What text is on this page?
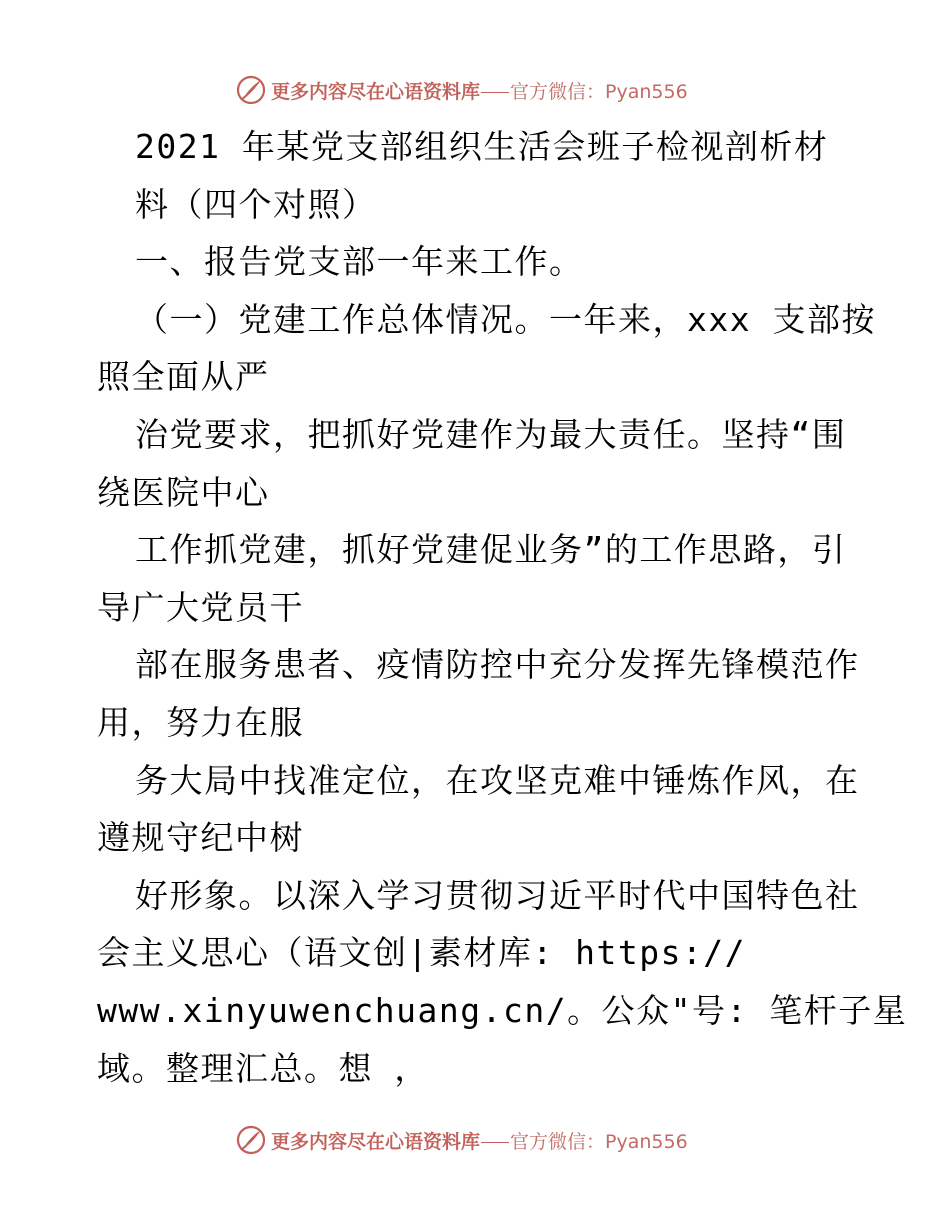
更多内容尽在心语资料库 官方微信：Pyan556
2021 年某党支部组织生活会班子检视剖析材
料（四个对照）
一、报告党支部一年来工作。
（一）党建工作总体情况。一年来，xxx 支部按
照全面从严
治党要求，把抓好党建作为最大责任。坚持“围
绕医院中心
工作抓党建，抓好党建促业务”的工作思路，引
导广大党员干
部在服务患者、疫情防控中充分发挥先锋模范作
用，努力在服
务大局中找准定位，在攻坚克难中锤炼作风，在
遵规守纪中树
好形象。以深入学习贯彻习近平时代中国特色社
会主义思心（语文创|素材库: https://
www.xinyuwenchuang.cn/。公众"号: 笔杆子星
域。整理汇总。想 ，
更多内容尽在心语资料库 官方微信：Pyan556
